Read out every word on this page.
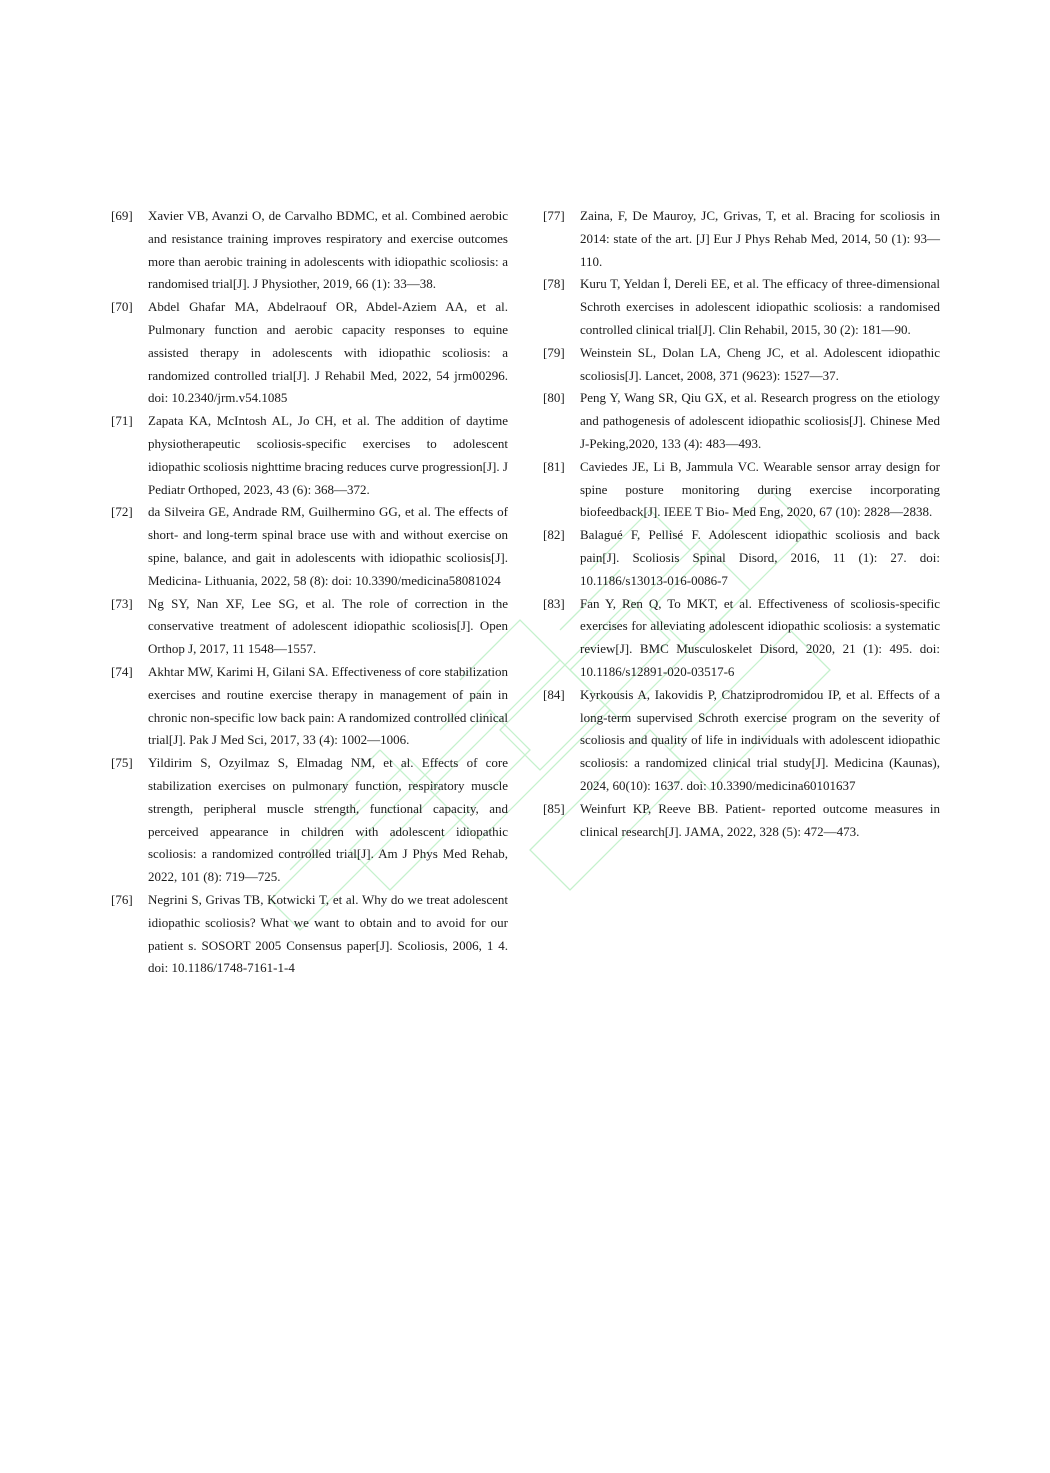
[69] Xavier VB, Avanzi O, de Carvalho BDMC, et al. Combined aerobic and resistance training improves respiratory and exercise outcomes more than aerobic training in adolescents with idiopathic scoliosis: a randomised trial[J]. J Physiother, 2019, 66 (1): 33—38.
[70] Abdel Ghafar MA, Abdelraouf OR, Abdel-Aziem AA, et al. Pulmonary function and aerobic capacity responses to equine assisted therapy in adolescents with idiopathic scoliosis: a randomized controlled trial[J]. J Rehabil Med, 2022, 54 jrm00296. doi: 10.2340/jrm.v54.1085
[71] Zapata KA, McIntosh AL, Jo CH, et al. The addition of daytime physiotherapeutic scoliosis-specific exercises to adolescent idiopathic scoliosis nighttime bracing reduces curve progression[J]. J Pediatr Orthoped, 2023, 43 (6): 368—372.
[72] da Silveira GE, Andrade RM, Guilhermino GG, et al. The effects of short- and long-term spinal brace use with and without exercise on spine, balance, and gait in adolescents with idiopathic scoliosis[J]. Medicina- Lithuania, 2022, 58 (8): doi: 10.3390/medicina58081024
[73] Ng SY, Nan XF, Lee SG, et al. The role of correction in the conservative treatment of adolescent idiopathic scoliosis[J]. Open Orthop J, 2017, 11 1548—1557.
[74] Akhtar MW, Karimi H, Gilani SA. Effectiveness of core stabilization exercises and routine exercise therapy in management of pain in chronic non-specific low back pain: A randomized controlled clinical trial[J]. Pak J Med Sci, 2017, 33 (4): 1002—1006.
[75] Yildirim S, Ozyilmaz S, Elmadag NM, et al. Effects of core stabilization exercises on pulmonary function, respiratory muscle strength, peripheral muscle strength, functional capacity, and perceived appearance in children with adolescent idiopathic scoliosis: a randomized controlled trial[J]. Am J Phys Med Rehab, 2022, 101 (8): 719—725.
[76] Negrini S, Grivas TB, Kotwicki T, et al. Why do we treat adolescent idiopathic scoliosis? What we want to obtain and to avoid for our patient s. SOSORT 2005 Consensus paper[J]. Scoliosis, 2006, 1 4. doi: 10.1186/1748-7161-1-4
[77] Zaina, F, De Mauroy, JC, Grivas, T, et al. Bracing for scoliosis in 2014: state of the art. [J] Eur J Phys Rehab Med, 2014, 50 (1): 93—110.
[78] Kuru T, Yeldan İ, Dereli EE, et al. The efficacy of three-dimensional Schroth exercises in adolescent idiopathic scoliosis: a randomised controlled clinical trial[J]. Clin Rehabil, 2015, 30 (2): 181—90.
[79] Weinstein SL, Dolan LA, Cheng JC, et al. Adolescent idiopathic scoliosis[J]. Lancet, 2008, 371 (9623): 1527—37.
[80] Peng Y, Wang SR, Qiu GX, et al. Research progress on the etiology and pathogenesis of adolescent idiopathic scoliosis[J]. Chinese Med J-Peking,2020, 133 (4): 483—493.
[81] Caviedes JE, Li B, Jammula VC. Wearable sensor array design for spine posture monitoring during exercise incorporating biofeedback[J]. IEEE T Bio- Med Eng, 2020, 67 (10): 2828—2838.
[82] Balagué F, Pellisé F. Adolescent idiopathic scoliosis and back pain[J]. Scoliosis Spinal Disord, 2016, 11 (1): 27. doi: 10.1186/s13013-016-0086-7
[83] Fan Y, Ren Q, To MKT, et al. Effectiveness of scoliosis-specific exercises for alleviating adolescent idiopathic scoliosis: a systematic review[J]. BMC Musculoskelet Disord, 2020, 21 (1): 495. doi: 10.1186/s12891-020-03517-6
[84] Kyrkousis A, Iakovidis P, Chatziprodromidou IP, et al. Effects of a long-term supervised Schroth exercise program on the severity of scoliosis and quality of life in individuals with adolescent idiopathic scoliosis: a randomized clinical trial study[J]. Medicina (Kaunas), 2024, 60(10): 1637. doi: 10.3390/medicina60101637
[85] Weinfurt KP, Reeve BB. Patient- reported outcome measures in clinical research[J]. JAMA, 2022, 328 (5): 472—473.
